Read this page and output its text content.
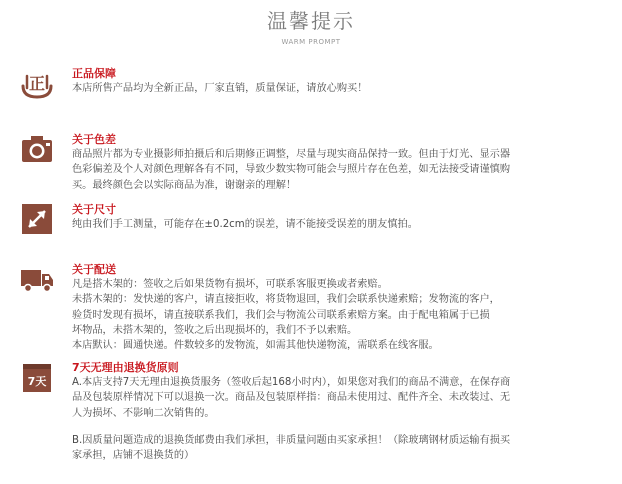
温馨提示
WARM PROMPT
正
正品保障

本店所售产品均为全新正品，厂家直销，质量保证，请放心购买！

关于色差

商品照片都为专业摄影师拍摄后和后期修正调整，尽量与现实商品保持一致。但由于灯光、显示器

色彩偏差及个人对颜色理解各有不同，导致少数实物可能会与照片存在色差，如无法接受请谨慎购

买。最终颜色会以实际商品为准，谢谢亲的理解！

关于尺寸

纯由我们手工测量，可能存在±0.2cm的误差，请不能接受误差的朋友慎拍。

关于配送

凡是搭木架的：签收之后如果货物有损坏，可联系客服更换或者索赔。

未搭木架的：发快递的客户，请直接拒收，将货物退回，我们会联系快递索赔；发物流的客户，

验货时发现有损坏，请直接联系我们，我们会与物流公司联系索赔方案。由于配电箱属于已损

坏物品，未搭木架的，签收之后出现损坏的，我们不予以索赔。

本店默认：圆通快递。件数较多的发物流，如需其他快递物流，需联系在线客服。

7天
7天无理由退换货原则

A.本店支持7天无理由退换货服务（签收后起168小时内），如果您对我们的商品不满意，在保存商

品及包装原样情况下可以退换一次。商品及包装原样指：商品未使用过、配件齐全、未改装过、无

人为损坏、不影响二次销售的。

B.因质量问题造成的退换货邮费由我们承担，非质量问题由买家承担！（除玻璃钢材质运输有损买

家承担，店铺不退换货的）
